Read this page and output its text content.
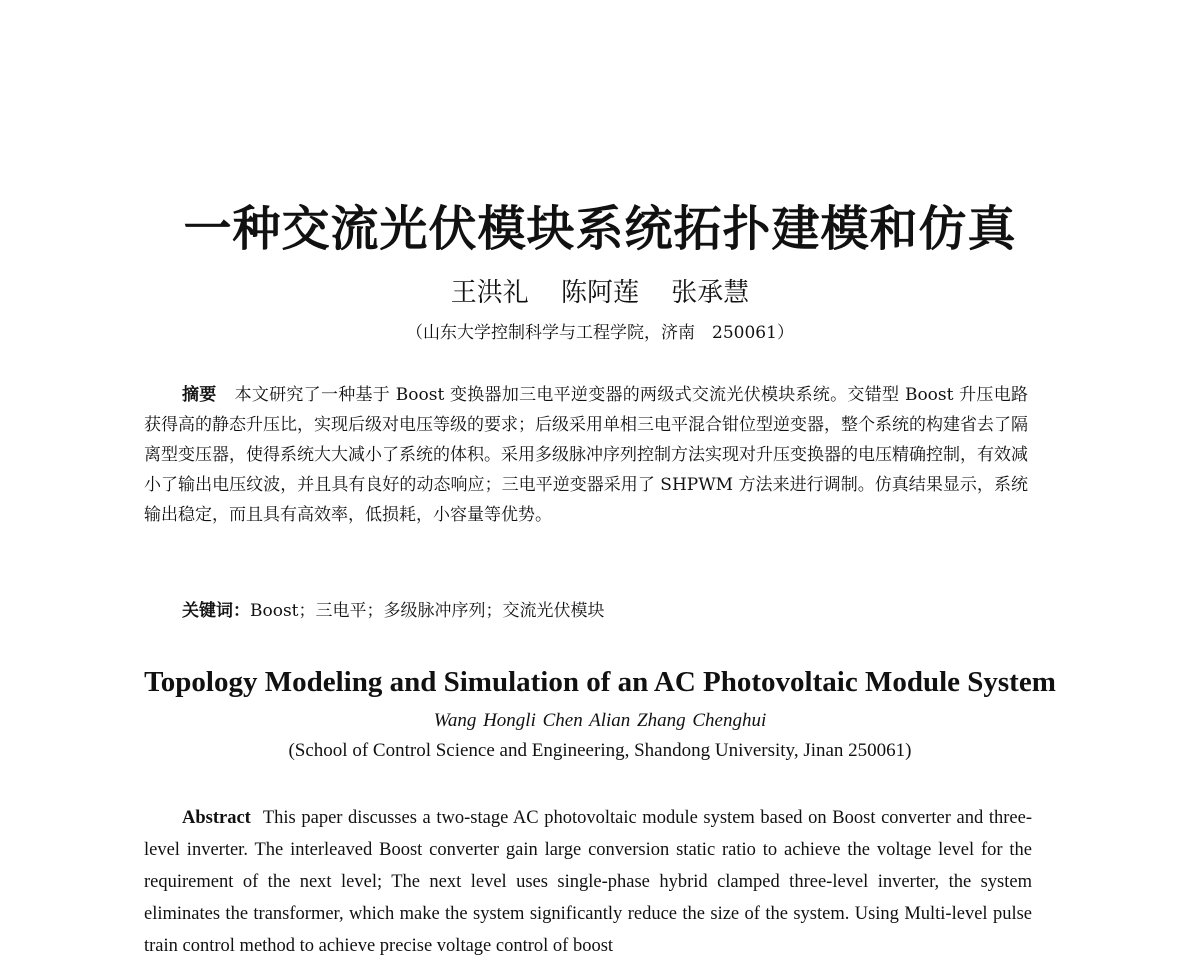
一种交流光伏模块系统拓扑建模和仿真
王洪礼 陈阿莲 张承慧
（山东大学控制科学与工程学院，济南　250061）

摘要 本文研究了一种基于 Boost 变换器加三电平逆变器的两级式交流光伏模块系统。交错型 Boost 升压电路获得高的静态升压比，实现后级对电压等级的要求；后级采用单相三电平混合钳位型逆变器，整个系统的构建省去了隔离型变压器，使得系统大大减小了系统的体积。采用多级脉冲序列控制方法实现对升压变换器的电压精确控制，有效减小了输出电压纹波，并且具有良好的动态响应；三电平逆变器采用了 SHPWM 方法来进行调制。仿真结果显示，系统输出稳定，而且具有高效率，低损耗，小容量等优势。

关键词：Boost；三电平；多级脉冲序列；交流光伏模块
Topology Modeling and Simulation of an AC Photovoltaic Module System
Wang Hongli Chen Alian Zhang Chenghui
(School of Control Science and Engineering, Shandong University, Jinan 250061)

Abstract This paper discusses a two-stage AC photovoltaic module system based on Boost converter and three-level inverter. The interleaved Boost converter gain large conversion static ratio to achieve the voltage level for the requirement of the next level; The next level uses single-phase hybrid clamped three-level inverter, the system eliminates the transformer, which make the system significantly reduce the size of the system. Using Multi-level pulse train control method to achieve precise voltage control of boost
